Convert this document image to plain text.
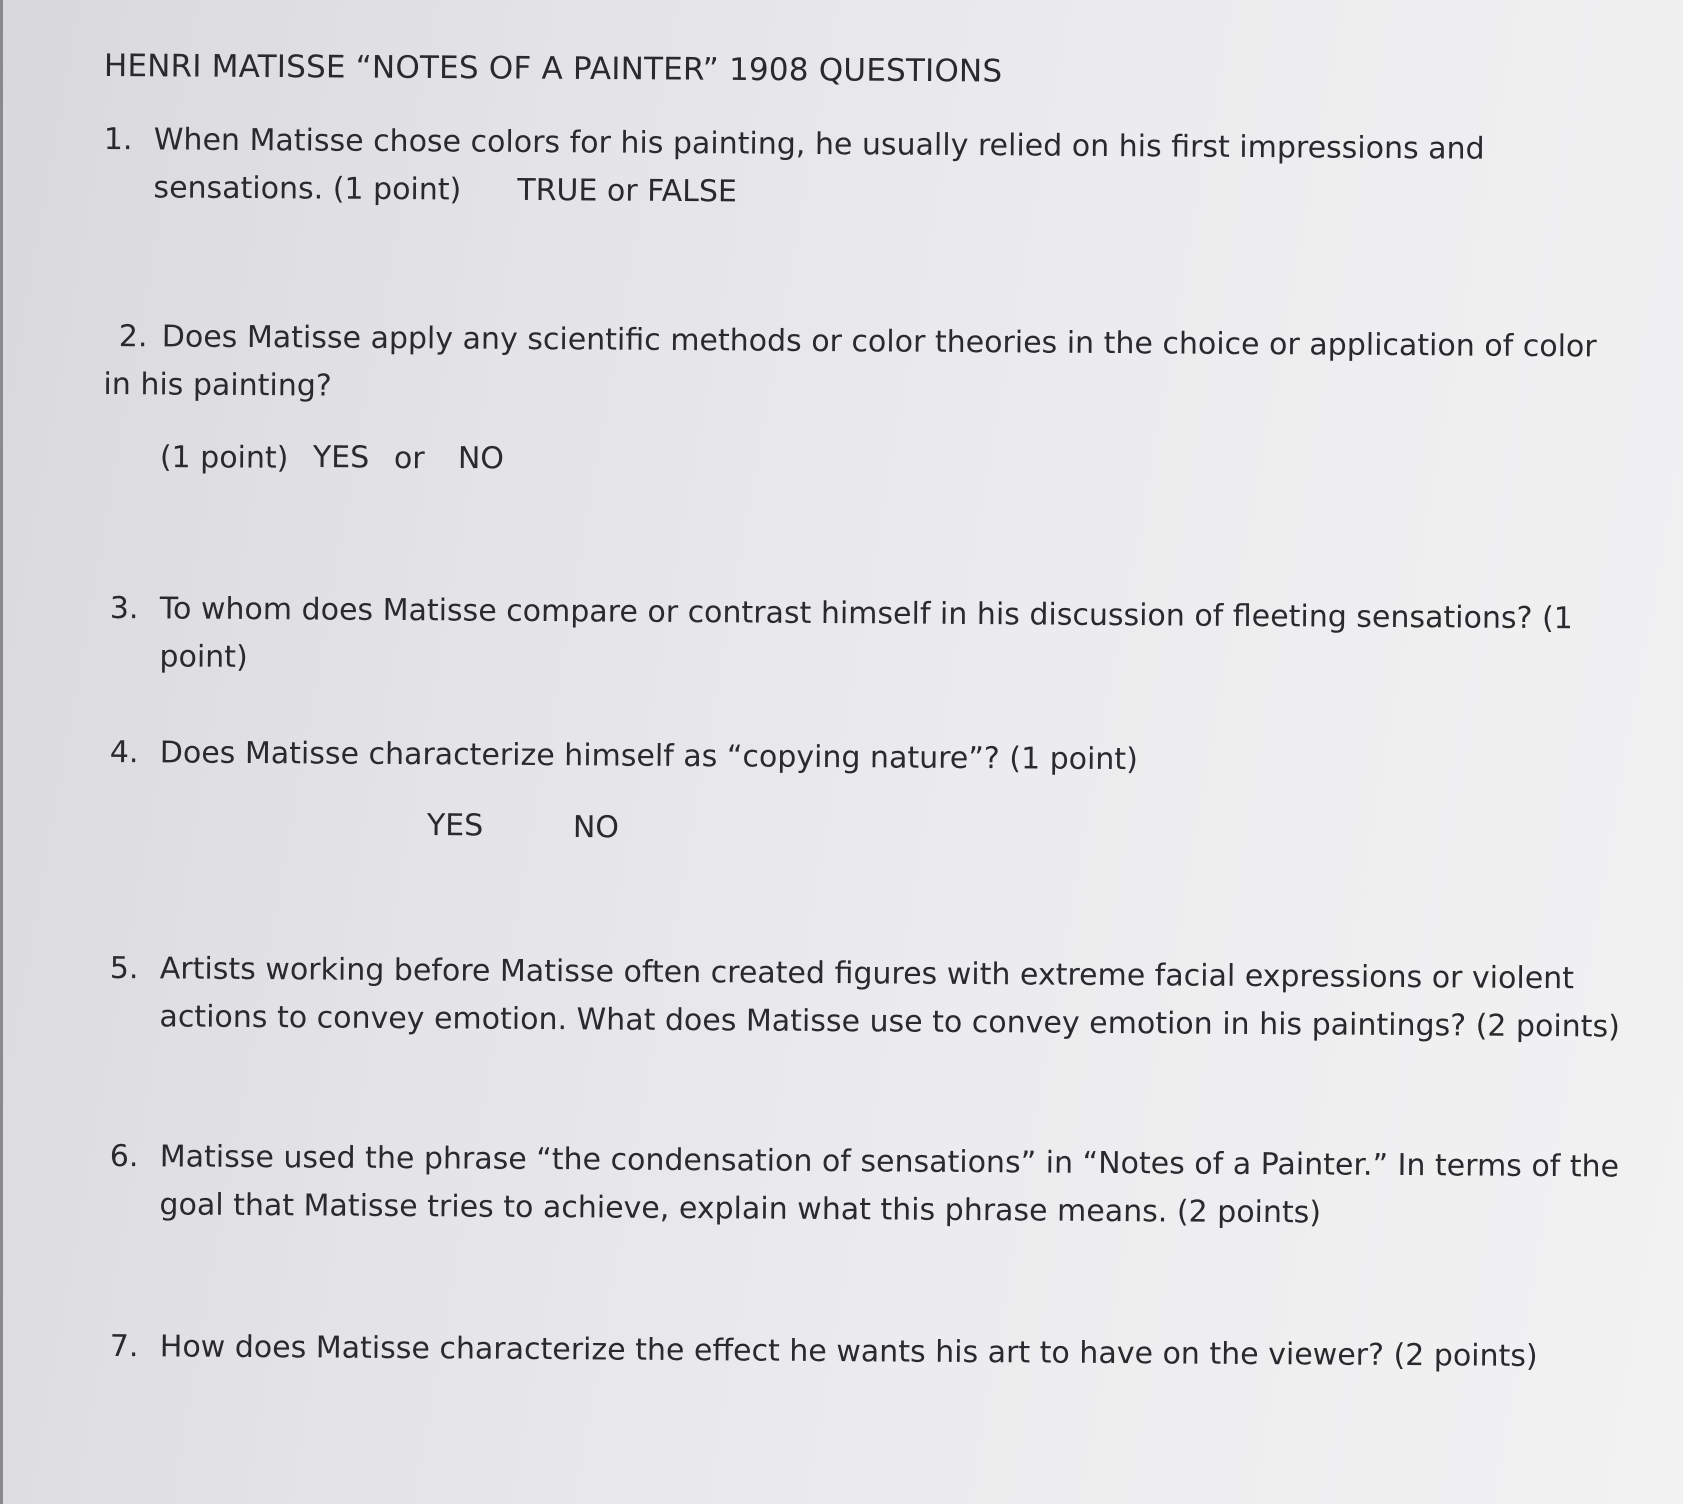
HENRI MATISSE “NOTES OF A PAINTER” 1908 QUESTIONS
1. When Matisse chose colors for his painting, he usually relied on his first impressions and sensations. (1 point) TRUE or FALSE
2. Does Matisse apply any scientific methods or color theories in the choice or application of color in his painting?
(1 point) YES or NO
3. To whom does Matisse compare or contrast himself in his discussion of fleeting sensations? (1 point)
4. Does Matisse characterize himself as “copying nature”? (1 point)
YES	NO
5. Artists working before Matisse often created figures with extreme facial expressions or violent actions to convey emotion. What does Matisse use to convey emotion in his paintings? (2 points)
6. Matisse used the phrase “the condensation of sensations” in “Notes of a Painter.” In terms of the goal that Matisse tries to achieve, explain what this phrase means. (2 points)
7. How does Matisse characterize the effect he wants his art to have on the viewer? (2 points)
